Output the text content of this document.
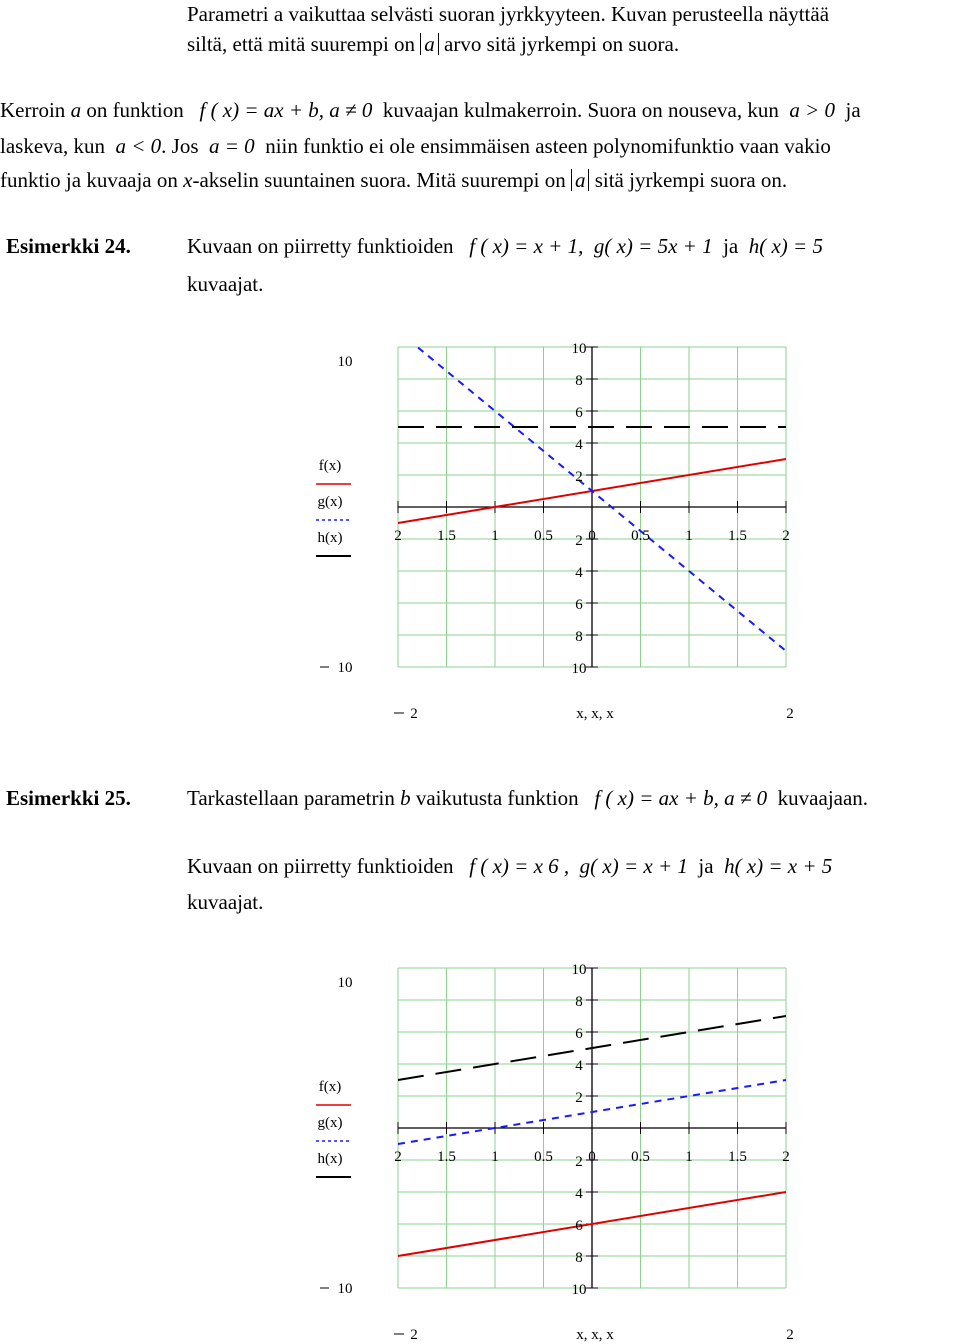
Parametri a vaikuttaa selvästi suoran jyrkkyyteen. Kuvan perusteella näyttää
siltä, että mitä suurempi on a arvo sitä jyrkempi on suora.
Kerroin a on funktion f ( x) = ax + b, a ≠ 0 kuvaajan kulmakerroin. Suora on nouseva, kun a > 0 ja
laskeva, kun a < 0. Jos a = 0 niin funktio ei ole ensimmäisen asteen polynomifunktio vaan vakio
funktio ja kuvaaja on x-akselin suuntainen suora. Mitä suurempi on a sitä jyrkempi suora on.
Esimerkki 24.	Kuvaan on piirretty funktioiden f ( x) = x + 1, g( x) = 5x + 1 ja h( x) = 5
kuvaajat.
Esimerkki 25.	Tarkastellaan parametrin b vaikutusta funktion f ( x) = ax + b, a ≠ 0 kuvaajaan.
Kuvaan on piirretty funktioiden f ( x) = x 6 , g( x) = x + 1 ja h( x) = x + 5
kuvaajat.
2 1.5 1 0.5 0 0.5 1 1.5 2
10
8
6
4
2
2
4
6
8
10
10
10
f(x)
g(x)
h(x)
2	x, x, x	2
2 1.5 1 0.5 0 0.5 1 1.5 2
10
8
6
4
2
2
4
6
8
10
10
10
f(x)
g(x)
h(x)
2	x, x, x	2
